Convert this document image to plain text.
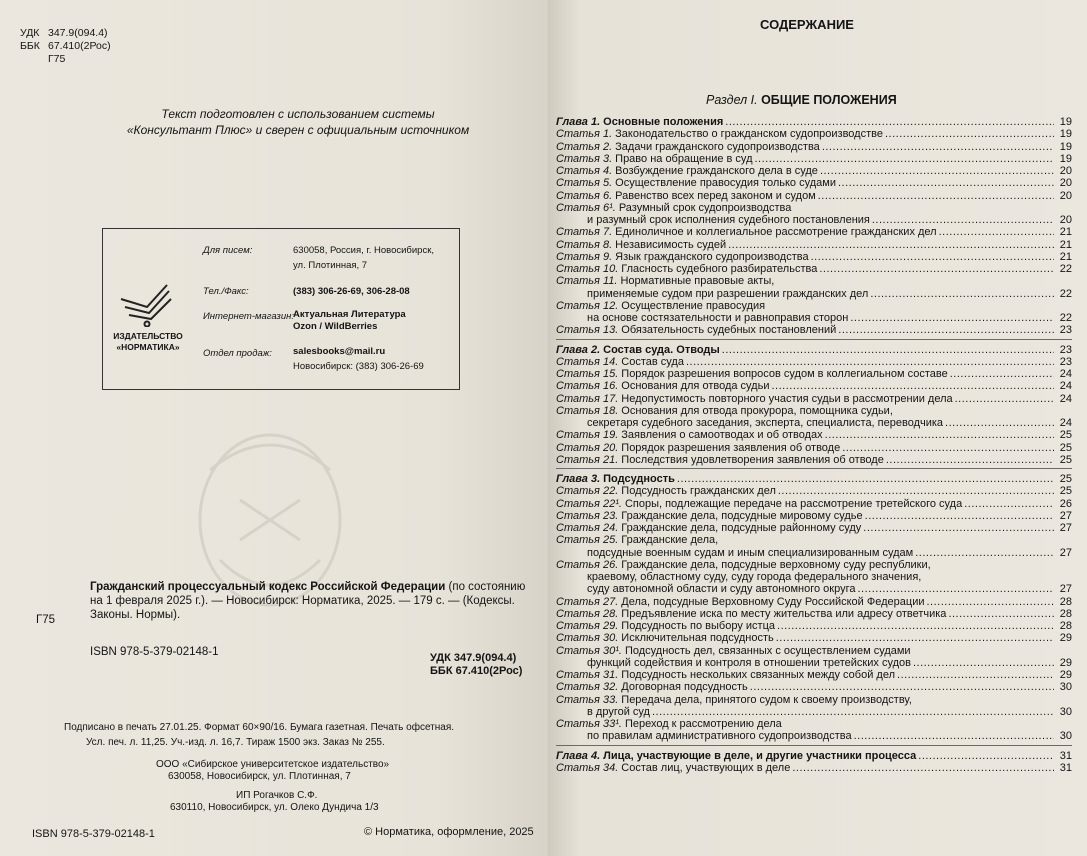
УДК 347.9(094.4)
ББК 67.410(2Рос)
Г75
Текст подготовлен с использованием системы «Консультант Плюс» и сверен с официальным источником
ИЗДАТЕЛЬСТВО «НОРМАТИКА»
Для писем:	630058, Россия, г. Новосибирск,
ул. Плотинная, 7
Тел./Факс:	(383) 306-26-69, 306-28-08
Интернет-магазин:
Актуальная Литература
Ozon / WildBerries
Отдел продаж: salesbooks@mail.ru
Новосибирск: (383) 306-26-69
Г75
Гражданский процессуальный кодекс Российской Федерации (по состоянию на 1 февраля 2025 г.). — Новосибирск: Норматика, 2025. — 179 с. — (Кодексы. Законы. Нормы).
ISBN 978-5-379-02148-1	УДК 347.9(094.4)
ББК 67.410(2Рос)
Подписано в печать 27.01.25. Формат 60×90/16. Бумага газетная. Печать офсетная.
Усл. печ. л. 11,25. Уч.-изд. л. 16,7. Тираж 1500 экз. Заказ № 255.
ООО «Сибирское университетское издательство»
630058, Новосибирск, ул. Плотинная, 7
ИП Рогачков С.Ф.
630110, Новосибирск, ул. Олеко Дундича 1/3
ISBN 978-5-379-02148-1	© Норматика, оформление, 2025
СОДЕРЖАНИЕ
Раздел I. ОБЩИЕ ПОЛОЖЕНИЯ
Глава 1. Основные положения .....	19
Статья 1. Законодательство о гражданском судопроизводстве .....	19
Статья 2. Задачи гражданского судопроизводства .....	19
Статья 3. Право на обращение в суд .....	19
Статья 4. Возбуждение гражданского дела в суде .....	20
Статья 5. Осуществление правосудия только судами .....	20
Статья 6. Равенство всех перед законом и судом .....	20
Статья 6¹. Разумный срок судопроизводства
и разумный срок исполнения судебного постановления .....	20
Статья 7. Единоличное и коллегиальное рассмотрение гражданских дел .....	21
Статья 8. Независимость судей .....	21
Статья 9. Язык гражданского судопроизводства .....	21
Статья 10. Гласность судебного разбирательства .....	22
Статья 11. Нормативные правовые акты,
применяемые судом при разрешении гражданских дел .....	22
Статья 12. Осуществление правосудия
на основе состязательности и равноправия сторон .....	22
Статья 13. Обязательность судебных постановлений .....	23
Глава 2. Состав суда. Отводы .....	23
Статья 14. Состав суда .....	23
Статья 15. Порядок разрешения вопросов судом в коллегиальном составе .....	24
Статья 16. Основания для отвода судьи .....	24
Статья 17. Недопустимость повторного участия судьи в рассмотрении дела .....	24
Статья 18. Основания для отвода прокурора, помощника судьи,
секретаря судебного заседания, эксперта, специалиста, переводчика .....	24
Статья 19. Заявления о самоотводах и об отводах .....	25
Статья 20. Порядок разрешения заявления об отводе .....	25
Статья 21. Последствия удовлетворения заявления об отводе .....	25
Глава 3. Подсудность .....	25
Статья 22. Подсудность гражданских дел .....	25
Статья 22¹. Споры, подлежащие передаче на рассмотрение третейского суда .....	26
Статья 23. Гражданские дела, подсудные мировому судье .....	27
Статья 24. Гражданские дела, подсудные районному суду .....	27
Статья 25. Гражданские дела,
подсудные военным судам и иным специализированным судам .....	27
Статья 26. Гражданские дела, подсудные верховному суду республики,
краевому, областному суду, суду города федерального значения,
суду автономной области и суду автономного округа .....	27
Статья 27. Дела, подсудные Верховному Суду Российской Федерации .....	28
Статья 28. Предъявление иска по месту жительства или адресу ответчика .....	28
Статья 29. Подсудность по выбору истца .....	28
Статья 30. Исключительная подсудность .....	29
Статья 30¹. Подсудность дел, связанных с осуществлением судами
функций содействия и контроля в отношении третейских судов .....	29
Статья 31. Подсудность нескольких связанных между собой дел .....	29
Статья 32. Договорная подсудность .....	30
Статья 33. Передача дела, принятого судом к своему производству,
в другой суд .....	30
Статья 33¹. Переход к рассмотрению дела
по правилам административного судопроизводства .....	30
Глава 4. Лица, участвующие в деле, и другие участники процесса .....	31
Статья 34. Состав лиц, участвующих в деле .....	31
